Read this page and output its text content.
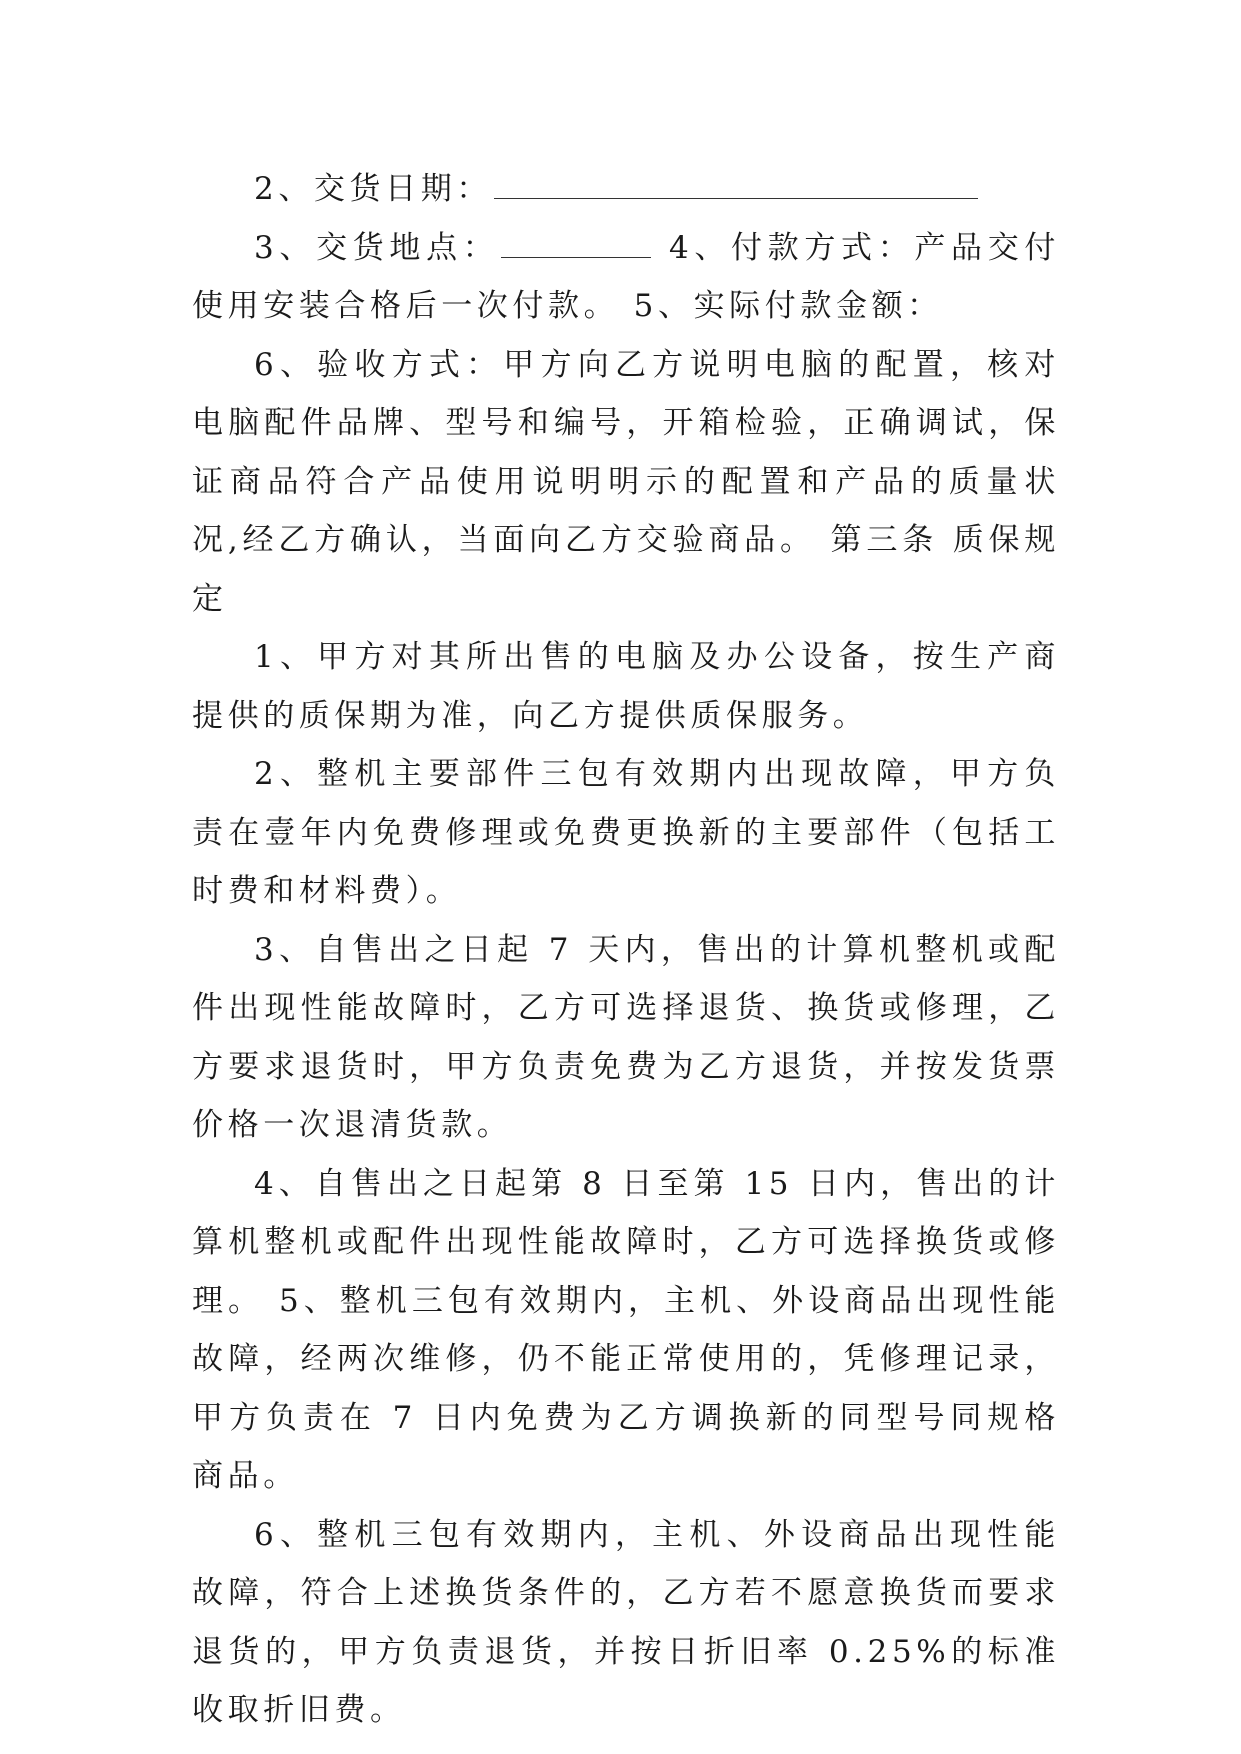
2、交货日期：

3、交货地点：	4、付款方式：产品交付使用安装合格后一次付款。 5、实际付款金额：

6、验收方式：甲方向乙方说明电脑的配置，核对电脑配件品牌、型号和编号，开箱检验，正确调试，保证商品符合产品使用说明明示的配置和产品的质量状况,经乙方确认，当面向乙方交验商品。 第三条 质保规定

1、甲方对其所出售的电脑及办公设备，按生产商提供的质保期为准，向乙方提供质保服务。

2、整机主要部件三包有效期内出现故障，甲方负责在壹年内免费修理或免费更换新的主要部件（包括工时费和材料费）。

3、自售出之日起 7 天内，售出的计算机整机或配件出现性能故障时，乙方可选择退货、换货或修理，乙方要求退货时，甲方负责免费为乙方退货，并按发货票价格一次退清货款。

4、自售出之日起第 8 日至第 15 日内，售出的计算机整机或配件出现性能故障时，乙方可选择换货或修理。 5、整机三包有效期内，主机、外设商品出现性能故障，经两次维修，仍不能正常使用的，凭修理记录，甲方负责在 7 日内免费为乙方调换新的同型号同规格商品。

6、整机三包有效期内，主机、外设商品出现性能故障，符合上述换货条件的，乙方若不愿意换货而要求退货的，甲方负责退货，并按日折旧率 0.25%的标准收取折旧费。
